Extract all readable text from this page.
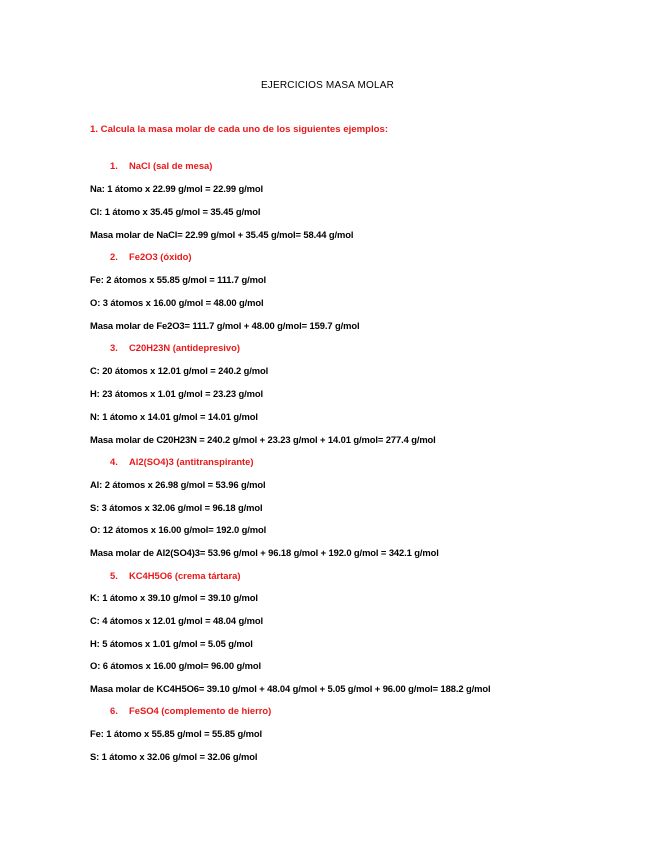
EJERCICIOS MASA MOLAR
1. Calcula la masa molar de cada uno de los siguientes ejemplos:
1. NaCl (sal de mesa)
Na: 1 átomo x 22.99 g/mol = 22.99 g/mol
Cl: 1 átomo x 35.45 g/mol = 35.45 g/mol
Masa molar de NaCl= 22.99 g/mol + 35.45 g/mol= 58.44 g/mol
2. Fe2O3 (óxido)
Fe: 2 átomos x 55.85 g/mol = 111.7 g/mol
O: 3 átomos x 16.00 g/mol = 48.00 g/mol
Masa molar de Fe2O3= 111.7 g/mol + 48.00 g/mol= 159.7 g/mol
3. C20H23N (antidepresivo)
C: 20 átomos x 12.01 g/mol = 240.2 g/mol
H: 23 átomos x 1.01 g/mol = 23.23 g/mol
N: 1 átomo x 14.01 g/mol = 14.01 g/mol
Masa molar de C20H23N = 240.2 g/mol + 23.23 g/mol + 14.01 g/mol= 277.4 g/mol
4. Al2(SO4)3 (antitranspirante)
Al: 2 átomos x 26.98 g/mol = 53.96 g/mol
S: 3 átomos x 32.06 g/mol = 96.18 g/mol
O: 12 átomos x 16.00 g/mol= 192.0 g/mol
Masa molar de Al2(SO4)3= 53.96 g/mol + 96.18 g/mol + 192.0 g/mol = 342.1 g/mol
5. KC4H5O6 (crema tártara)
K: 1 átomo x 39.10 g/mol = 39.10 g/mol
C: 4 átomos x 12.01 g/mol = 48.04 g/mol
H: 5 átomos x 1.01 g/mol = 5.05 g/mol
O: 6 átomos x 16.00 g/mol= 96.00 g/mol
Masa molar de KC4H5O6= 39.10 g/mol + 48.04 g/mol + 5.05 g/mol + 96.00 g/mol= 188.2 g/mol
6. FeSO4 (complemento de hierro)
Fe: 1 átomo x 55.85 g/mol = 55.85 g/mol
S: 1 átomo x 32.06 g/mol = 32.06 g/mol
